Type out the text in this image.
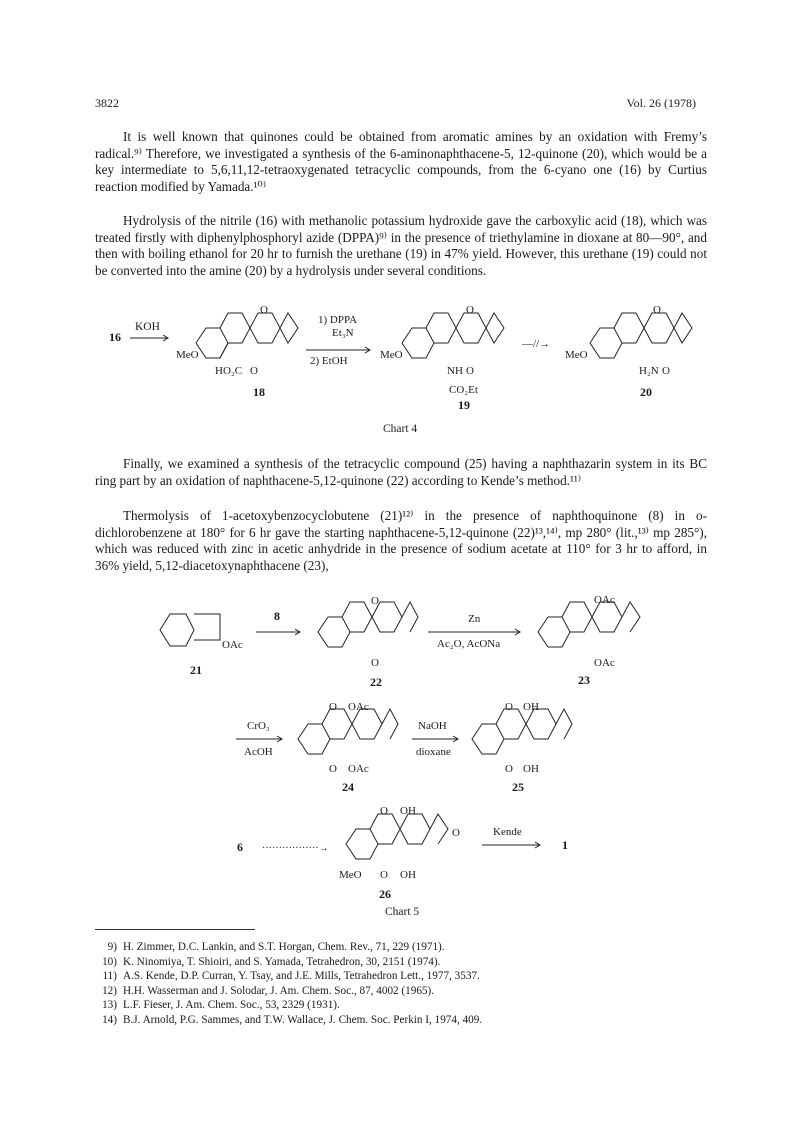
3822	Vol. 26 (1978)
It is well known that quinones could be obtained from aromatic amines by an oxidation with Fremy’s radical.⁹⁾ Therefore, we investigated a synthesis of the 6-aminonaphthacene-5, 12-quinone (20), which would be a key intermediate to 5,6,11,12-tetraoxygenated tetracyclic compounds, from the 6-cyano one (16) by Curtius reaction modified by Yamada.¹⁰⁾
Hydrolysis of the nitrile (16) with methanolic potassium hydroxide gave the carboxylic acid (18), which was treated firstly with diphenylphosphoryl azide (DPPA)⁹⁾ in the presence of triethylamine in dioxane at 80—90°, and then with boiling ethanol for 20 hr to furnish the urethane (19) in 47% yield. However, this urethane (19) could not be converted into the amine (20) by a hydrolysis under several conditions.
16
KOH
O
MeO
HO₂C O
18
1) DPPA
Et₃N
2) EtOH
O
MeO
NH O
CO₂Et
19
—//→
O
MeO
H₂N O
20
Chart 4
Finally, we examined a synthesis of the tetracyclic compound (25) having a naphthazarin system in its BC ring part by an oxidation of naphthacene-5,12-quinone (22) according to Kende’s method.¹¹⁾
Thermolysis of 1-acetoxybenzocyclobutene (21)¹²⁾ in the presence of naphthoquinone (8) in o-dichlorobenzene at 180° for 6 hr gave the starting naphthacene-5,12-quinone (22)¹³,¹⁴⁾, mp 280° (lit.,¹³⁾ mp 285°), which was reduced with zinc in acetic anhydride in the presence of sodium acetate at 110° for 3 hr to afford, in 36% yield, 5,12-diacetoxynaphthacene (23),
OAc
21
8
O
O
22
Zn
Ac₂O, AcONa
OAc
OAc
23
CrO₃
AcOH
O OAc
O OAc
24
NaOH
dioxane
O OH
O OH
25
6 ·················→
O OH
O
MeO O OH
26
Kende
1
Chart 5
9) H. Zimmer, D.C. Lankin, and S.T. Horgan, Chem. Rev., 71, 229 (1971).
10) K. Ninomiya, T. Shioiri, and S. Yamada, Tetrahedron, 30, 2151 (1974).
11) A.S. Kende, D.P. Curran, Y. Tsay, and J.E. Mills, Tetrahedron Lett., 1977, 3537.
12) H.H. Wasserman and J. Solodar, J. Am. Chem. Soc., 87, 4002 (1965).
13) L.F. Fieser, J. Am. Chem. Soc., 53, 2329 (1931).
14) B.J. Arnold, P.G. Sammes, and T.W. Wallace, J. Chem. Soc. Perkin I, 1974, 409.
